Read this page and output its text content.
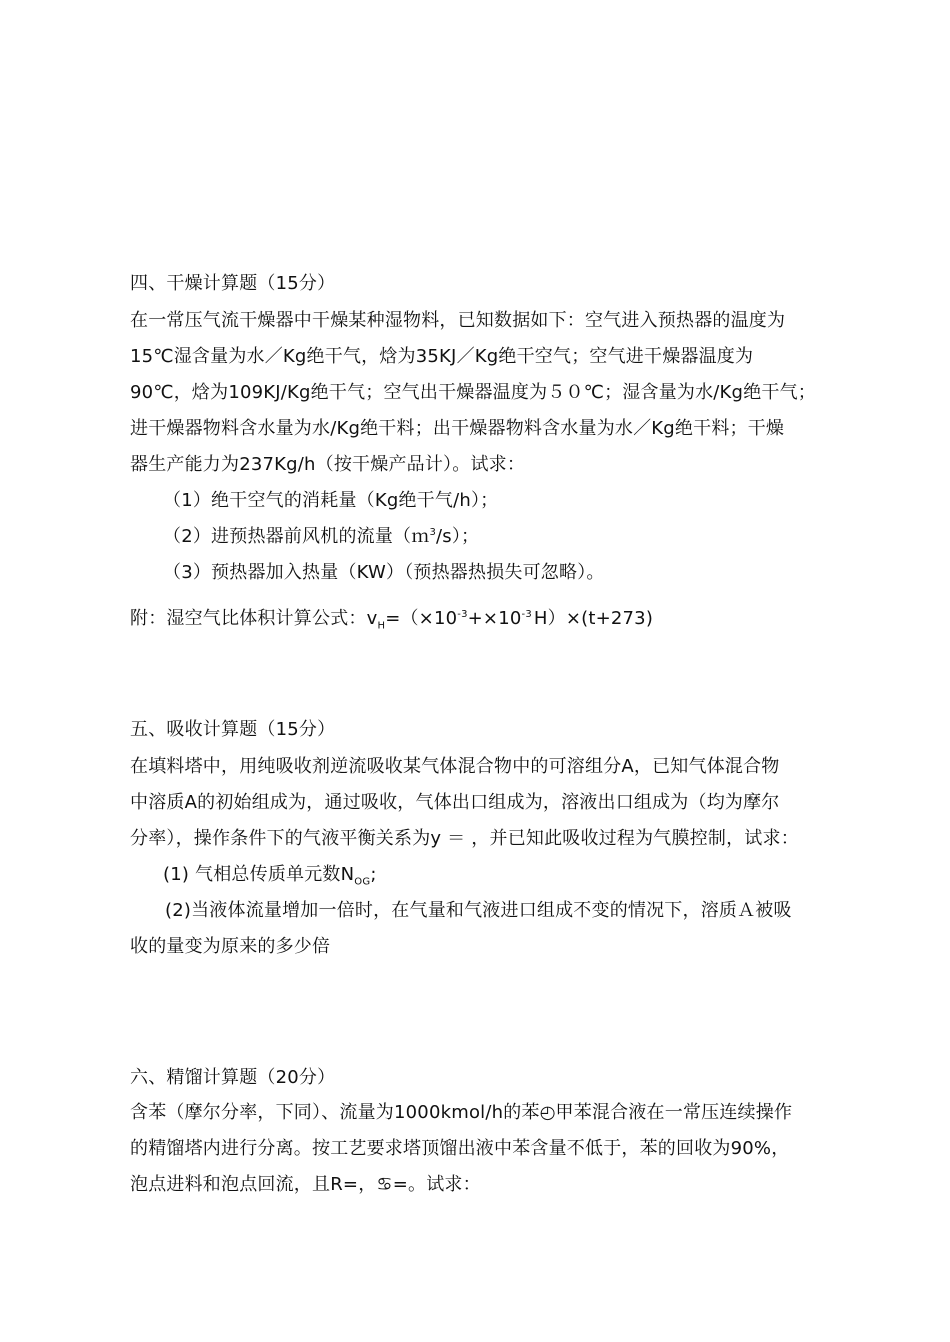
四、干燥计算题（15分）
在一常压气流干燥器中干燥某种湿物料，已知数据如下：空气进入预热器的温度为
15℃湿含量为水／Kg绝干气，焓为35KJ／Kg绝干空气；空气进干燥器温度为
90℃，焓为109KJ/Kg绝干气；空气出干燥器温度为５０℃；湿含量为水/Kg绝干气；
进干燥器物料含水量为水/Kg绝干料；出干燥器物料含水量为水／Kg绝干料；干燥
器生产能力为237Kg/h（按干燥产品计）。试求：
（1）绝干空气的消耗量（Kg绝干气/h）；
（2）进预热器前风机的流量（ｍ$^3$/s）；
（3）预热器加入热量（KW）（预热器热损失可忽略）。
附：湿空气比体积计算公式：$v_H=(\times 10^{-3}+\times 10^{-3}$ H）×(t+273)
五、吸收计算题（15分）
在填料塔中，用纯吸收剂逆流吸收某气体混合物中的可溶组分A，已知气体混合物
中溶质A的初始组成为，通过吸收，气体出口组成为，溶液出口组成为（均为摩尔
分率），操作条件下的气液平衡关系为y ＝ ，并已知此吸收过程为气膜控制，试求：
(1) 气相总传质单元数$N_{OG}$;
(2)当液体流量增加一倍时，在气量和气液进口组成不变的情况下，溶质Ａ被吸
收的量变为原来的多少倍
六、精馏计算题（20分）
含苯（摩尔分率，下同）、流量为1000kmol/h的苯◴甲苯混合液在一常压连续操作
的精馏塔内进行分离。按工艺要求塔顶馏出液中苯含量不低于，苯的回收为90%，
泡点进料和泡点回流，且R=，♋=。试求：
